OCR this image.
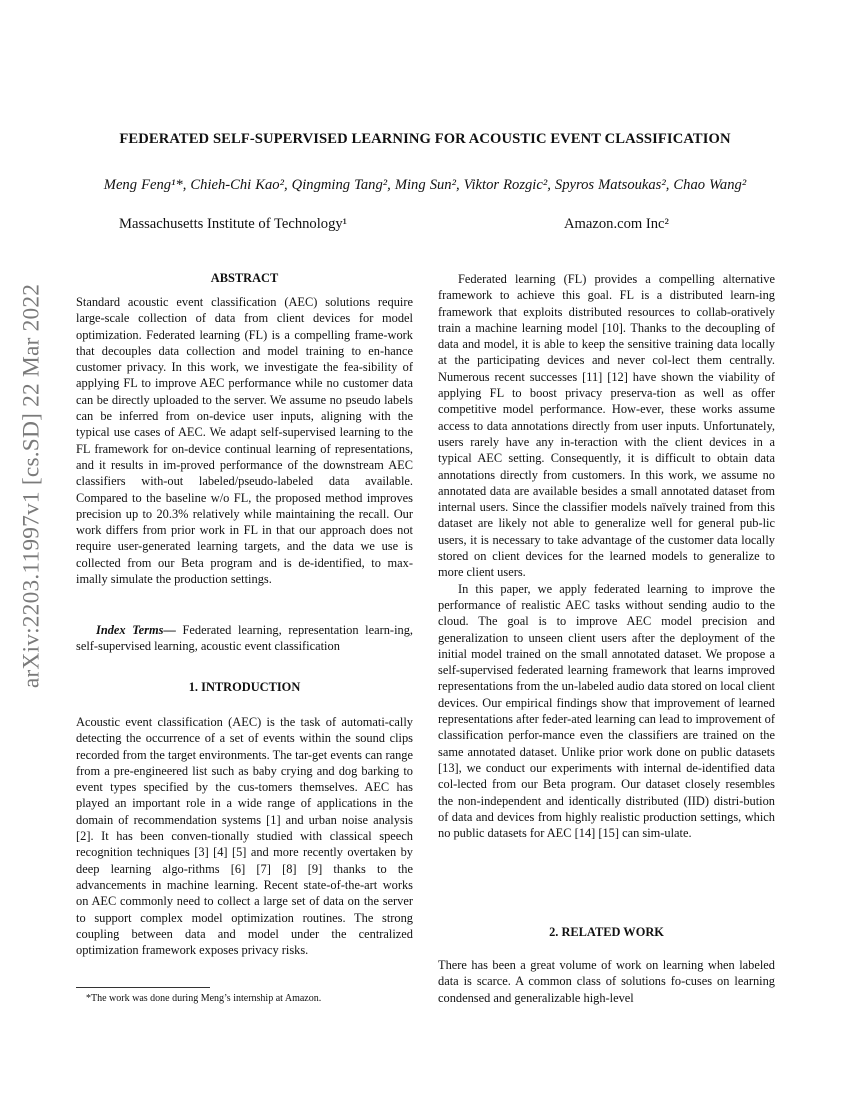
arXiv:2203.11997v1 [cs.SD] 22 Mar 2022
FEDERATED SELF-SUPERVISED LEARNING FOR ACOUSTIC EVENT CLASSIFICATION
Meng Feng¹*, Chieh-Chi Kao², Qingming Tang², Ming Sun², Viktor Rozgic², Spyros Matsoukas², Chao Wang²
Massachusetts Institute of Technology¹	Amazon.com Inc²
ABSTRACT

Standard acoustic event classification (AEC) solutions require large-scale collection of data from client devices for model optimization. Federated learning (FL) is a compelling frame-work that decouples data collection and model training to en-hance customer privacy. In this work, we investigate the fea-sibility of applying FL to improve AEC performance while no customer data can be directly uploaded to the server. We assume no pseudo labels can be inferred from on-device user inputs, aligning with the typical use cases of AEC. We adapt self-supervised learning to the FL framework for on-device continual learning of representations, and it results in im-proved performance of the downstream AEC classifiers with-out labeled/pseudo-labeled data available. Compared to the baseline w/o FL, the proposed method improves precision up to 20.3% relatively while maintaining the recall. Our work differs from prior work in FL in that our approach does not require user-generated learning targets, and the data we use is collected from our Beta program and is de-identified, to max-imally simulate the production settings.

Index Terms— Federated learning, representation learn-ing, self-supervised learning, acoustic event classification

1. INTRODUCTION

Acoustic event classification (AEC) is the task of automati-cally detecting the occurrence of a set of events within the sound clips recorded from the target environments. The tar-get events can range from a pre-engineered list such as baby crying and dog barking to event types specified by the cus-tomers themselves. AEC has played an important role in a wide range of applications in the domain of recommendation systems [1] and urban noise analysis [2]. It has been conven-tionally studied with classical speech recognition techniques [3] [4] [5] and more recently overtaken by deep learning algo-rithms [6] [7] [8] [9] thanks to the advancements in machine learning. Recent state-of-the-art works on AEC commonly need to collect a large set of data on the server to support complex model optimization routines. The strong coupling between data and model under the centralized optimization framework exposes privacy risks.

*The work was done during Meng’s internship at Amazon.

Federated learning (FL) provides a compelling alternative framework to achieve this goal. FL is a distributed learn-ing framework that exploits distributed resources to collab-oratively train a machine learning model [10]. Thanks to the decoupling of data and model, it is able to keep the sensitive training data locally at the participating devices and never col-lect them centrally. Numerous recent successes [11] [12] have shown the viability of applying FL to boost privacy preserva-tion as well as offer competitive model performance. How-ever, these works assume access to data annotations directly from user inputs. Unfortunately, users rarely have any in-teraction with the client devices in a typical AEC setting. Consequently, it is difficult to obtain data annotations directly from customers. In this work, we assume no annotated data are available besides a small annotated dataset from internal users. Since the classifier models naïvely trained from this dataset are likely not able to generalize well for general pub-lic users, it is necessary to take advantage of the customer data locally stored on client devices for the learned models to generalize to more client users.

In this paper, we apply federated learning to improve the performance of realistic AEC tasks without sending audio to the cloud. The goal is to improve AEC model precision and generalization to unseen client users after the deployment of the initial model trained on the small annotated dataset. We propose a self-supervised federated learning framework that learns improved representations from the un-labeled audio data stored on local client devices. Our empirical findings show that improvement of learned representations after feder-ated learning can lead to improvement of classification perfor-mance even the classifiers are trained on the same annotated dataset. Unlike prior work done on public datasets [13], we conduct our experiments with internal de-identified data col-lected from our Beta program. Our dataset closely resembles the non-independent and identically distributed (IID) distri-bution of data and devices from highly realistic production settings, which no public datasets for AEC [14] [15] can sim-ulate.

2. RELATED WORK

There has been a great volume of work on learning when labeled data is scarce. A common class of solutions fo-cuses on learning condensed and generalizable high-level
